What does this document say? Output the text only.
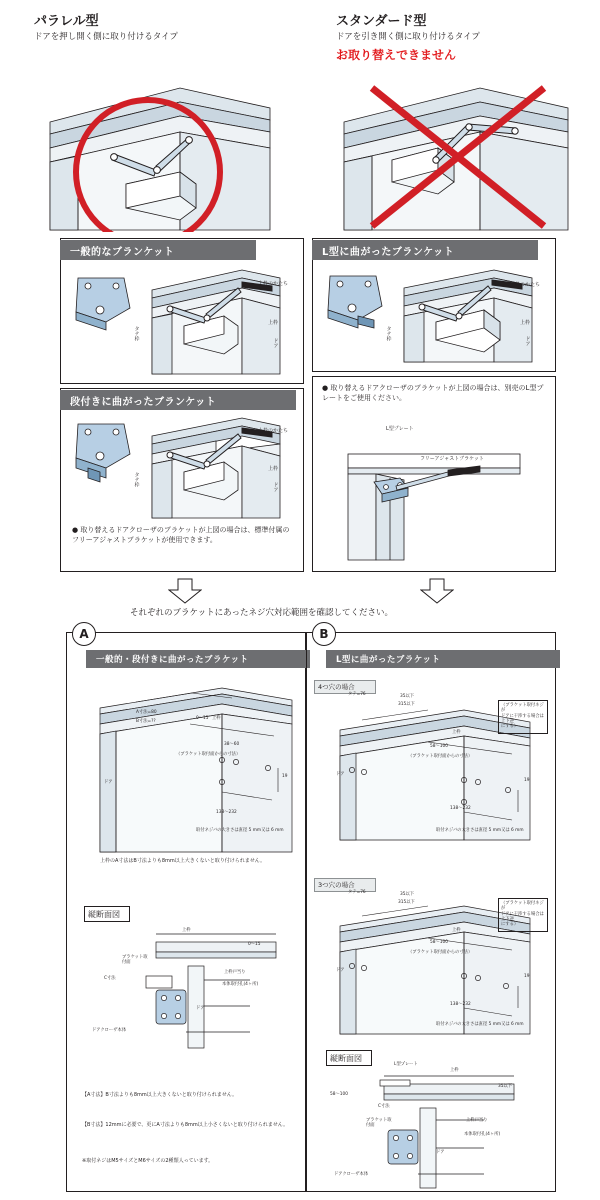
パラレル型
ドアを押し開く側に取り付けるタイプ
スタンダード型
ドアを引き開く側に取り付けるタイプ
お取り替えできません
一般的なブランケット
上枠のかたち
上枠
ドア
タテ枠
段付きに曲がったブランケット
上枠のかたち
上枠
ドア
タテ枠
● 取り替えるドアクローザのブラケットが上図の場合は、標準付属のフリーアジャストブラケットが使用できます。
L型に曲がったブランケット
上枠のかたち
上枠
ドア
タテ枠
● 取り替えるドアクローザのブラケットが上図の場合は、別売のL型プレートをご使用ください。
L型プレート
フリーアジャストブラケット
それぞれのブラケットにあったネジ穴対応範囲を確認してください。
A
一般的・段付きに曲がったブラケット
A寸法=80
B寸法=??
0～15
38～60
（ブラケット取付面からの寸法）
19
138～232
上枠
ドア
取付ネジバの大きさは直径 5 mm又は 6 mm
上枠のA寸法はB寸法よりも8mm以上大きくないと取り付けられません。
縦断面図
上枠
0～15
ブラケット取付面
C寸法
上枠戸当り
本体取付孔(4ヶ所)
ドアクローザ本体
ドア
【A寸法】B寸法よりも8mm以上大きくないと取り付けられません。
【B寸法】12mmに必要で、更にA寸法よりも8mm以上小さくないと取り付けられません。
※取付ネジはM5サイズとM6サイズの2種類入っています。
B
L型に曲がったブラケット
4つ穴の場合
タテ=76	35以下
315以下
58～100
（ブラケット取付面からの寸法）
19
138～232
上枠
ドア
（ブラケット取付ネジが
ドアに干渉する場合は
上下逆
にする）
取付ネジバの大きさは直径 5 mm又は 6 mm
3つ穴の場合
タテ=76	35以下
315以下
58～100
（ブラケット取付面からの寸法）
19
138～232
上枠
ドア
（ブラケット取付ネジが
ドアに干渉する場合は
上下逆
にする）
取付ネジバの大きさは直径 5 mm又は 6 mm
縦断面図
L型プレート
上枠
35以下
58～100
C寸法
ブラケット取付面
上枠戸当り
本体取付孔(4ヶ所)
ドアクローザ本体
ドア
